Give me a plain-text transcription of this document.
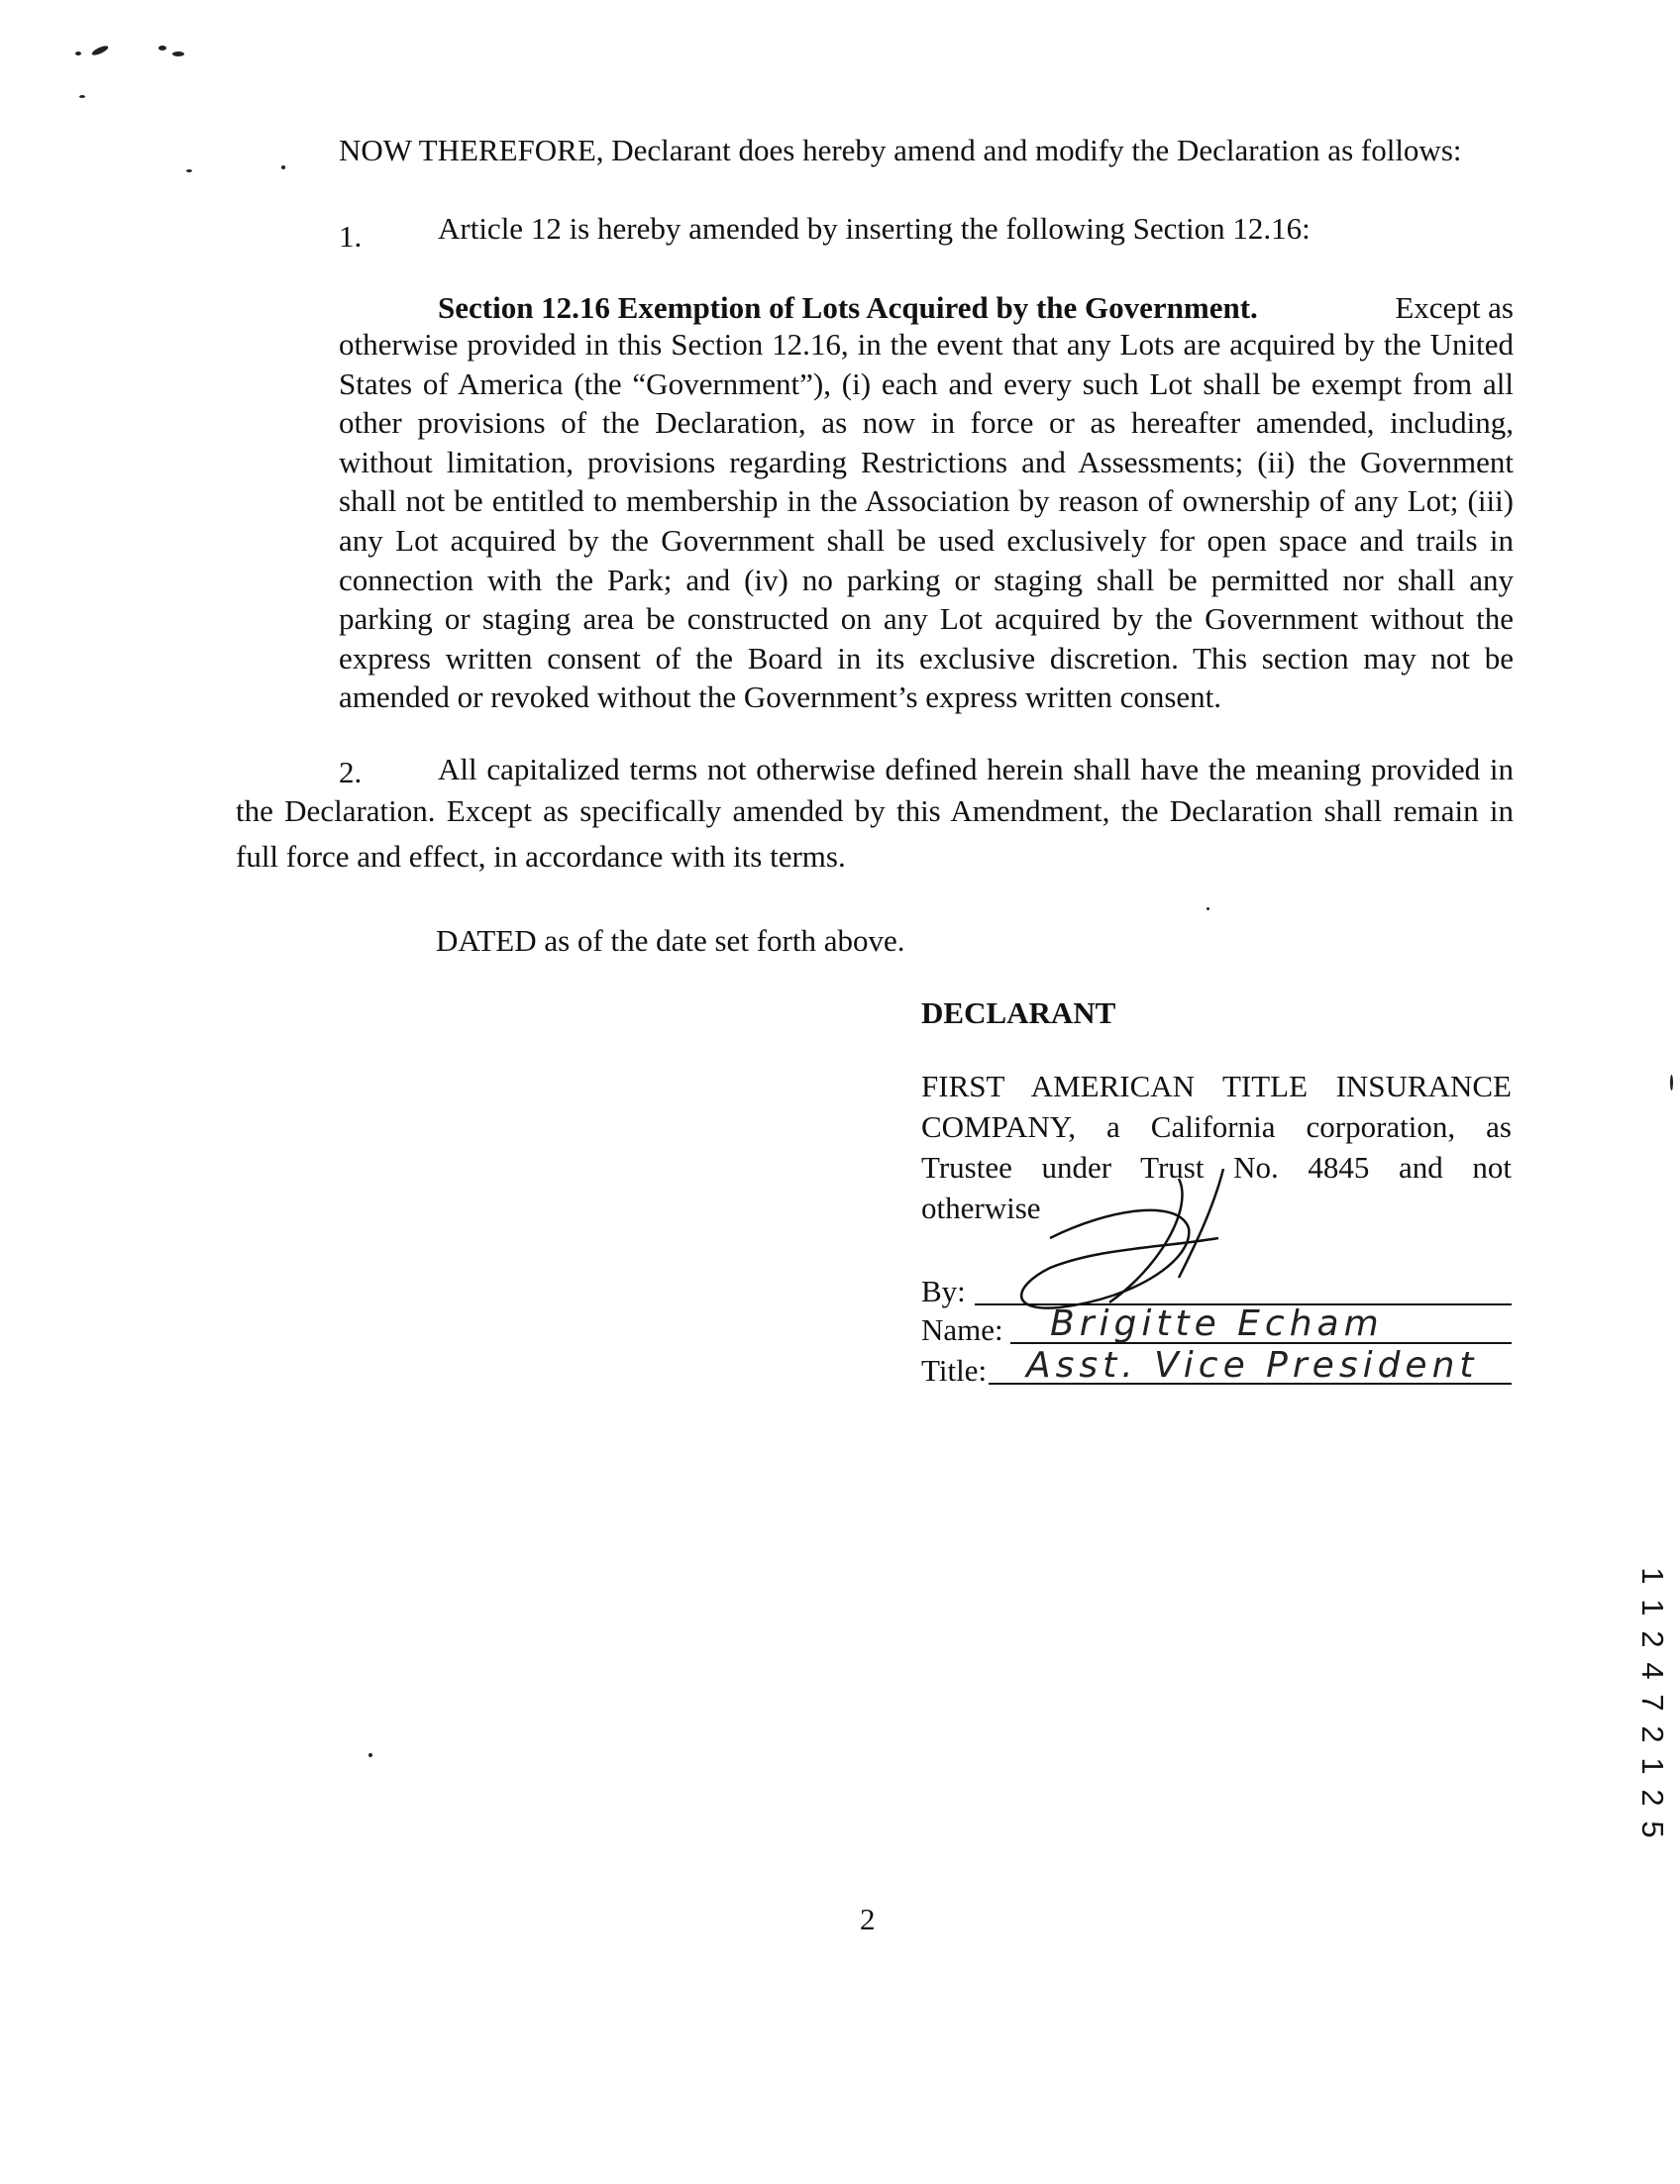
NOW THEREFORE, Declarant does hereby amend and modify the Declaration as follows:
1. Article 12 is hereby amended by inserting the following Section 12.16:
Section 12.16 Exemption of Lots Acquired by the Government.	Except as
otherwise provided in this Section 12.16, in the event that any Lots are acquired by the United
States of America (the “Government”), (i) each and every such Lot shall be exempt from all
other provisions of the Declaration, as now in force or as hereafter amended, including,
without limitation, provisions regarding Restrictions and Assessments; (ii) the Government
shall not be entitled to membership in the Association by reason of ownership of any Lot; (iii)
any Lot acquired by the Government shall be used exclusively for open space and trails in
connection with the Park; and (iv) no parking or staging shall be permitted nor shall any
parking or staging area be constructed on any Lot acquired by the Government without the
express written consent of the Board in its exclusive discretion. This section may not be
amended or revoked without the Government’s express written consent.
2. All capitalized terms not otherwise defined herein shall have the meaning provided in
the Declaration. Except as specifically amended by this Amendment, the Declaration shall remain in
full force and effect, in accordance with its terms.
DATED as of the date set forth above.
DECLARANT
FIRST AMERICAN TITLE INSURANCE
COMPANY, a California corporation, as
Trustee under Trust No. 4845 and not
otherwise
By:
Name: Brigitte Echam
Title: Asst. Vice President
2
1
1
2
4
7
2
1
2
5
